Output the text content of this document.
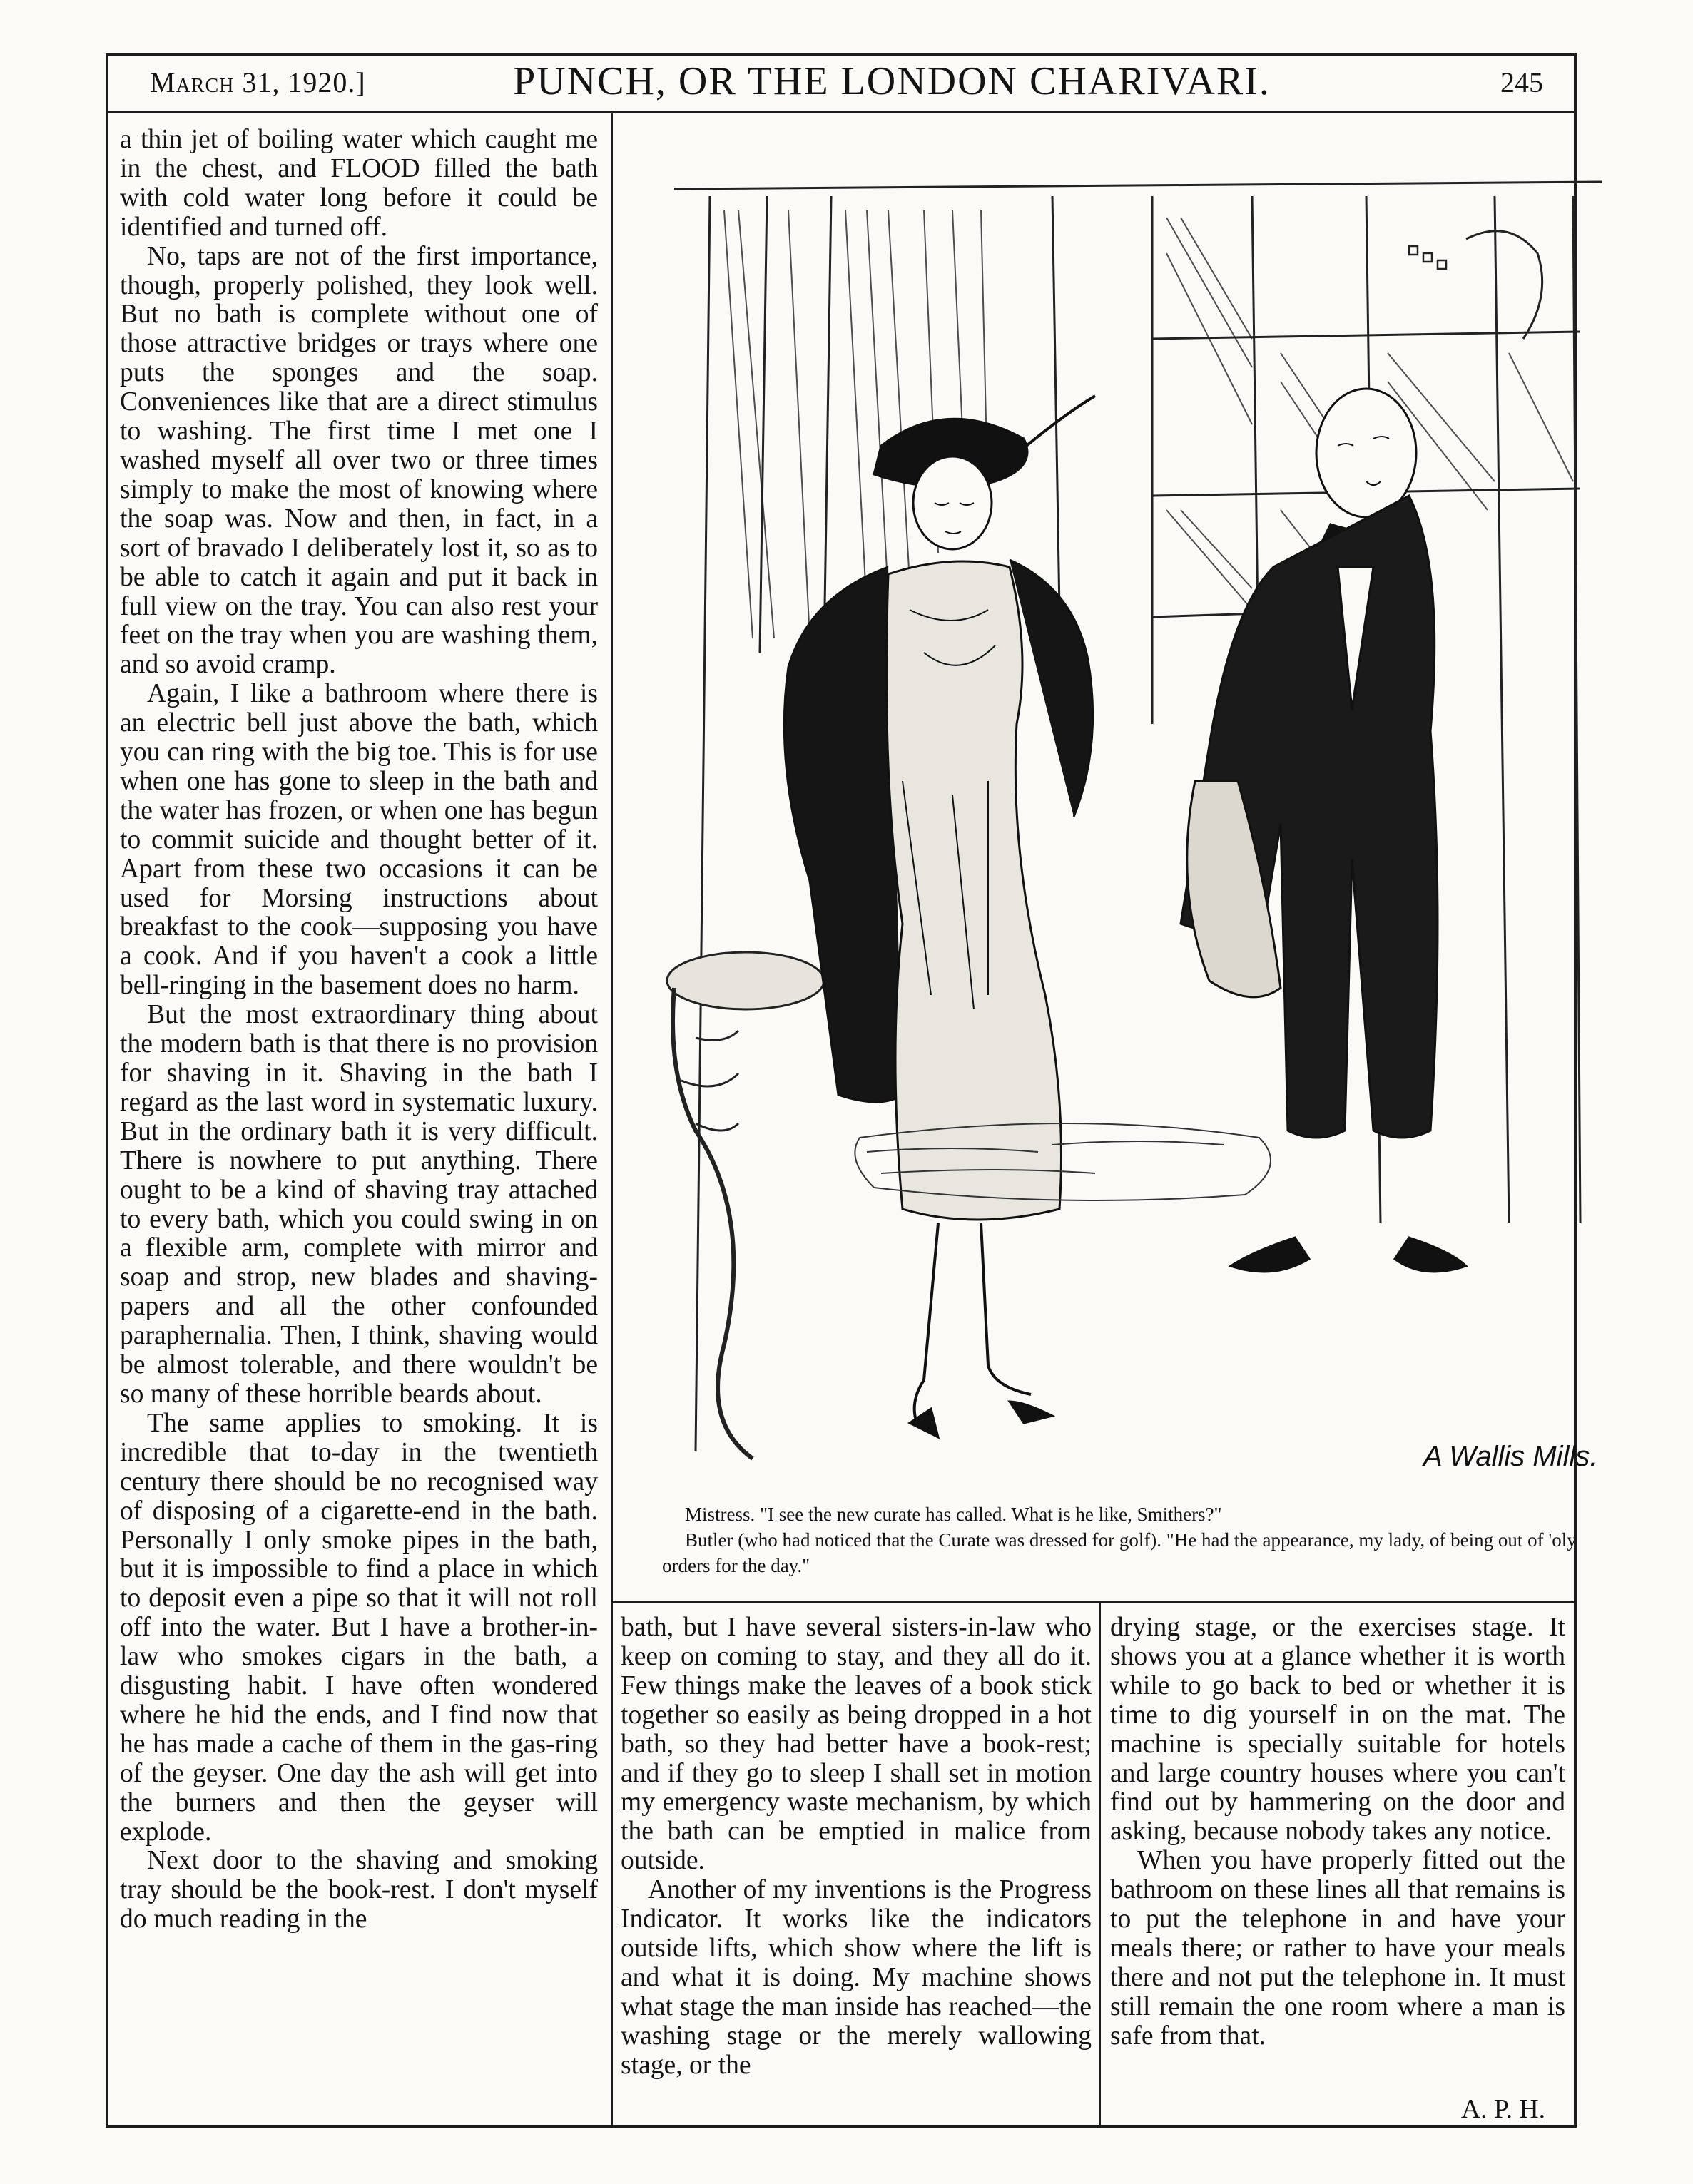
March 31, 1920.]	PUNCH, OR THE LONDON CHARIVARI.	245

a thin jet of boiling water which caught me in the chest, and FLOOD filled the bath with cold water long before it could be identified and turned off.

No, taps are not of the first importance, though, properly polished, they look well. But no bath is complete without one of those attractive bridges or trays where one puts the sponges and the soap. Conveniences like that are a direct stimulus to washing. The first time I met one I washed myself all over two or three times simply to make the most of knowing where the soap was. Now and then, in fact, in a sort of bravado I deliberately lost it, so as to be able to catch it again and put it back in full view on the tray. You can also rest your feet on the tray when you are washing them, and so avoid cramp.

Again, I like a bathroom where there is an electric bell just above the bath, which you can ring with the big toe. This is for use when one has gone to sleep in the bath and the water has frozen, or when one has begun to commit suicide and thought better of it. Apart from these two occasions it can be used for Morsing instructions about breakfast to the cook—supposing you have a cook. And if you haven't a cook a little bell-ringing in the basement does no harm.

But the most extraordinary thing about the modern bath is that there is no provision for shaving in it. Shaving in the bath I regard as the last word in systematic luxury. But in the ordinary bath it is very difficult. There is nowhere to put anything. There ought to be a kind of shaving tray attached to every bath, which you could swing in on a flexible arm, complete with mirror and soap and strop, new blades and shaving-papers and all the other confounded paraphernalia. Then, I think, shaving would be almost tolerable, and there wouldn't be so many of these horrible beards about.

The same applies to smoking. It is incredible that to-day in the twentieth century there should be no recognised way of disposing of a cigarette-end in the bath. Personally I only smoke pipes in the bath, but it is impossible to find a place in which to deposit even a pipe so that it will not roll off into the water. But I have a brother-in-law who smokes cigars in the bath, a disgusting habit. I have often wondered where he hid the ends, and I find now that he has made a cache of them in the gas-ring of the geyser. One day the ash will get into the burners and then the geyser will explode.

Next door to the shaving and smoking tray should be the book-rest. I don't myself do much reading in the

A Wallis Mills.
Mistress. "I see the new curate has called. What is he like, Smithers?"
Butler (who had noticed that the Curate was dressed for golf). "He had the appearance, my lady, of being out of 'oly orders for the day."

bath, but I have several sisters-in-law who keep on coming to stay, and they all do it. Few things make the leaves of a book stick together so easily as being dropped in a hot bath, so they had better have a book-rest; and if they go to sleep I shall set in motion my emergency waste mechanism, by which the bath can be emptied in malice from outside.

Another of my inventions is the Progress Indicator. It works like the indicators outside lifts, which show where the lift is and what it is doing. My machine shows what stage the man inside has reached—the washing stage or the merely wallowing stage, or the

drying stage, or the exercises stage. It shows you at a glance whether it is worth while to go back to bed or whether it is time to dig yourself in on the mat. The machine is specially suitable for hotels and large country houses where you can't find out by hammering on the door and asking, because nobody takes any notice.

When you have properly fitted out the bathroom on these lines all that remains is to put the telephone in and have your meals there; or rather to have your meals there and not put the telephone in. It must still remain the one room where a man is safe from that.

A. P. H.
